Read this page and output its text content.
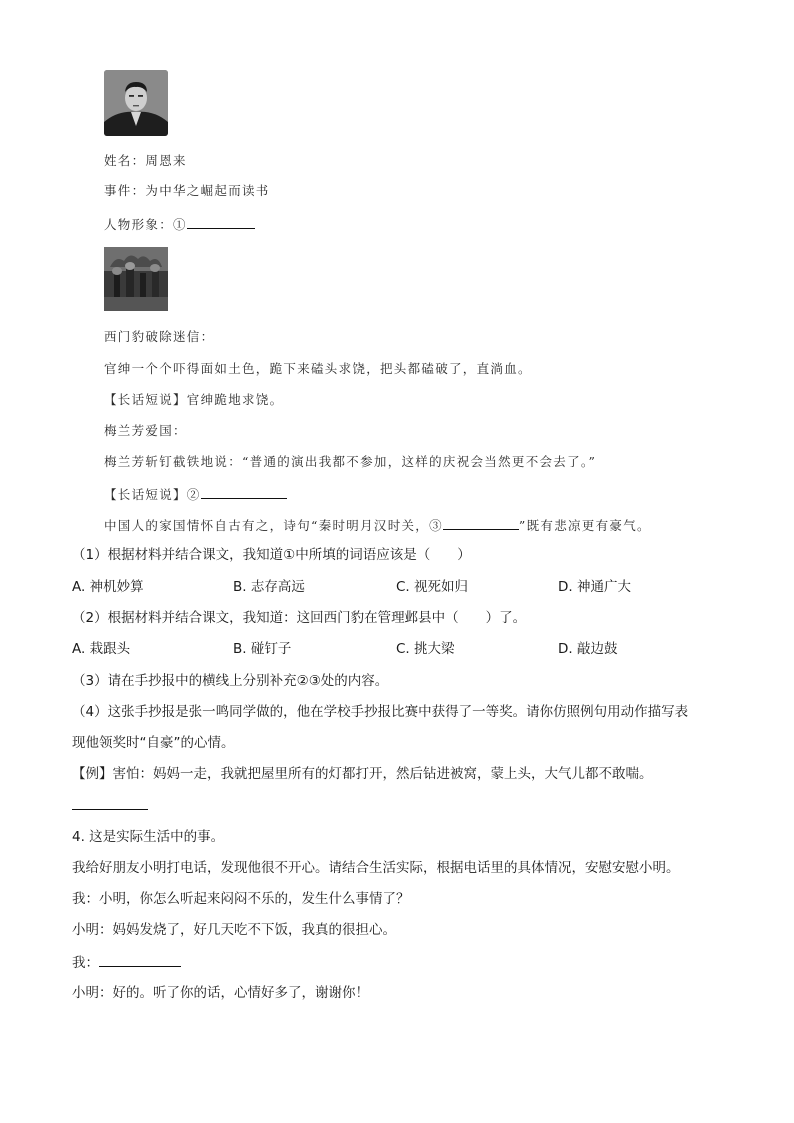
姓名：周恩来
事件：为中华之崛起而读书
人物形象：①
西门豹破除迷信：
官绅一个个吓得面如土色，跪下来磕头求饶，把头都磕破了，直淌血。
【长话短说】官绅跪地求饶。
梅兰芳爱国：
梅兰芳斩钉截铁地说：“普通的演出我都不参加，这样的庆祝会当然更不会去了。”
【长话短说】②
中国人的家国情怀自古有之，诗句“秦时明月汉时关，③	”既有悲凉更有豪气。
（1）根据材料并结合课文，我知道①中所填的词语应该是（　　）
A. 神机妙算	B. 志存高远	C. 视死如归	D. 神通广大
（2）根据材料并结合课文，我知道：这回西门豹在管理邺县中（　　）了。
A. 栽跟头	B. 碰钉子	C. 挑大梁	D. 敲边鼓
（3）请在手抄报中的横线上分别补充②③处的内容。
（4）这张手抄报是张一鸣同学做的，他在学校手抄报比赛中获得了一等奖。请你仿照例句用动作描写表
现他领奖时“自豪”的心情。
【例】害怕：妈妈一走，我就把屋里所有的灯都打开，然后钻进被窝，蒙上头，大气儿都不敢喘。
4. 这是实际生活中的事。
我给好朋友小明打电话，发现他很不开心。请结合生活实际，根据电话里的具体情况，安慰安慰小明。
我：小明，你怎么听起来闷闷不乐的，发生什么事情了？
小明：妈妈发烧了，好几天吃不下饭，我真的很担心。
我：
小明：好的。听了你的话，心情好多了，谢谢你！
